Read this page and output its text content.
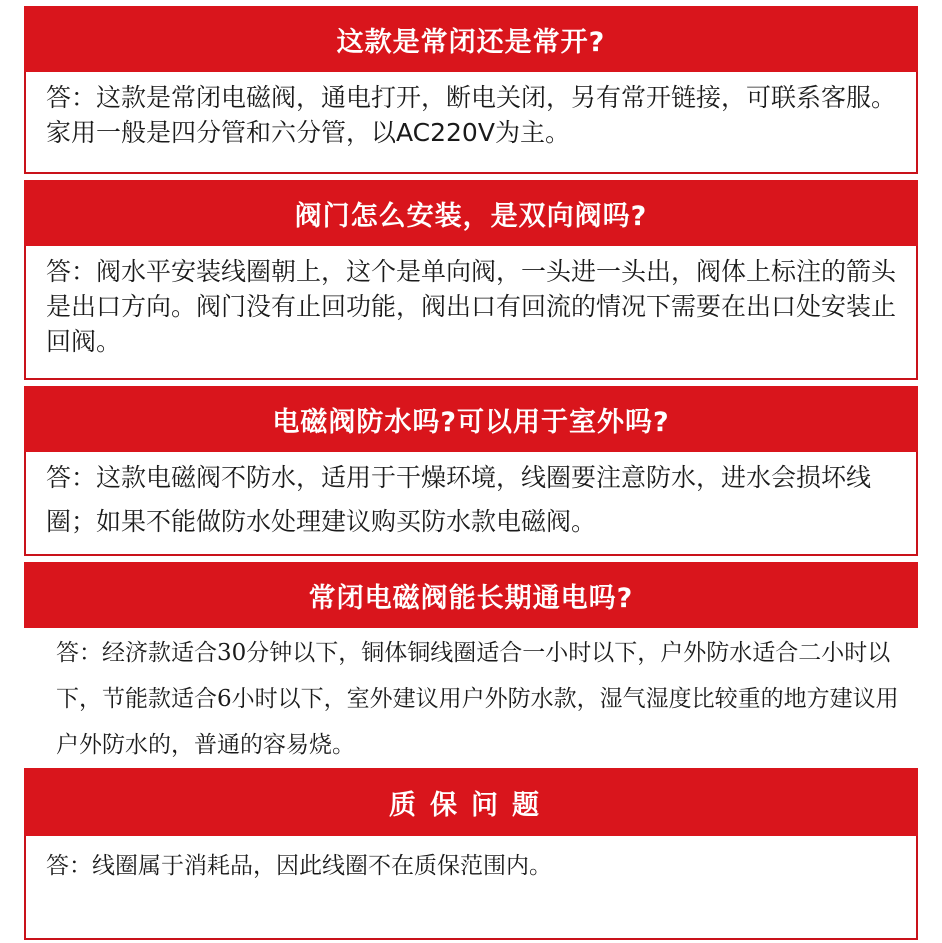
这款是常闭还是常开?

答：这款是常闭电磁阀，通电打开，断电关闭，另有常开链接，可联系客服。家用一般是四分管和六分管，以AC220V为主。

阀门怎么安装，是双向阀吗?

答：阀水平安装线圈朝上，这个是单向阀，一头进一头出，阀体上标注的箭头是出口方向。阀门没有止回功能，阀出口有回流的情况下需要在出口处安装止回阀。

电磁阀防水吗?可以用于室外吗?

答：这款电磁阀不防水，适用于干燥环境，线圈要注意防水，进水会损坏线圈；如果不能做防水处理建议购买防水款电磁阀。

常闭电磁阀能长期通电吗?

答：经济款适合30分钟以下，铜体铜线圈适合一小时以下，户外防水适合二小时以下，节能款适合6小时以下，室外建议用户外防水款，湿气湿度比较重的地方建议用户外防水的，普通的容易烧。

质保问题

答：线圈属于消耗品，因此线圈不在质保范围内。
